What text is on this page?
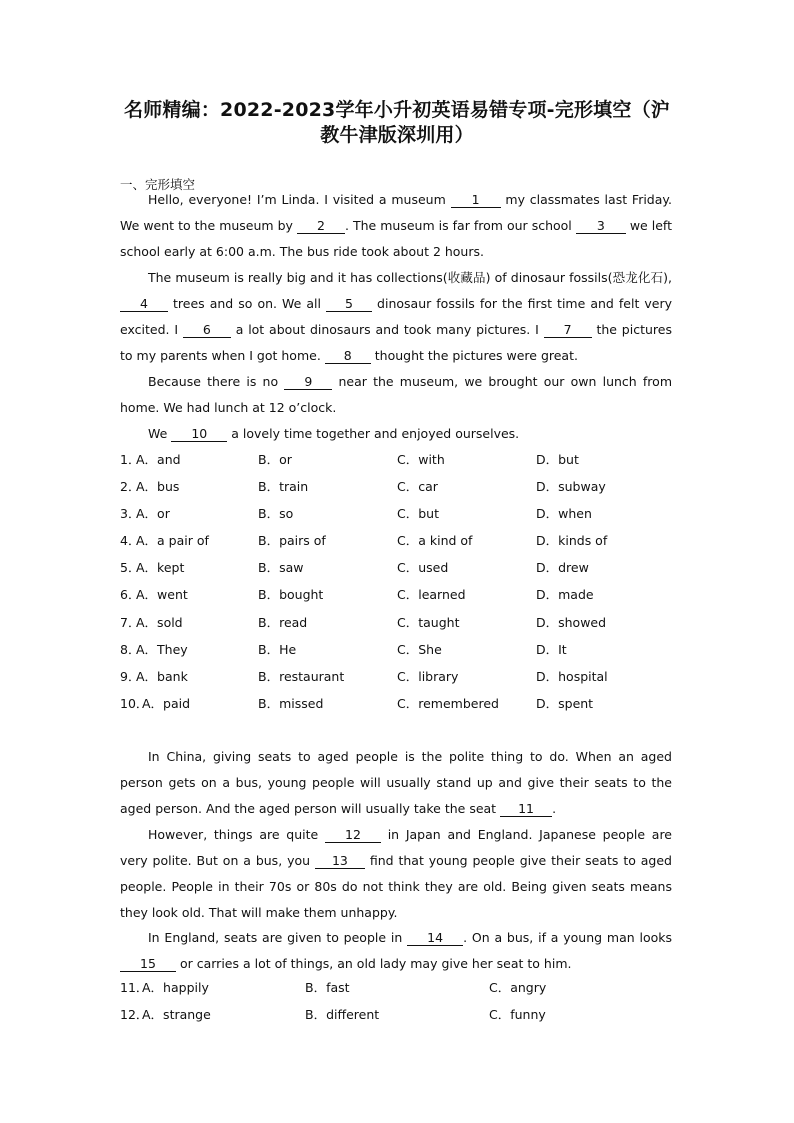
名师精编：2022-2023学年小升初英语易错专项-完形填空（沪
教牛津版深圳用）
一、完形填空
Hello, everyone! I’m Linda. I visited a museum 1 my classmates last Friday. We went to the museum by 2 . The museum is far from our school 3 we left school early at 6:00 a.m. The bus ride took about 2 hours.
The museum is really big and it has collections(收藏品) of dinosaur fossils(恐龙化石), 4 trees and so on. We all 5 dinosaur fossils for the first time and felt very excited. I 6 a lot about dinosaurs and took many pictures. I 7 the pictures to my parents when I got home. 8 thought the pictures were great.
Because there is no 9 near the museum, we brought our own lunch from home. We had lunch at 12 o’clock.
We 10 a lovely time together and enjoyed ourselves.
1．
A．and	B．or	C．with	D．but
2．
A．bus	B．train	C．car	D．subway
3．
A．or	B．so	C．but	D．when
4．
A．a pair of	B．pairs of	C．a kind of	D．kinds of
5．
A．kept	B．saw	C．used	D．drew
6．
A．went	B．bought	C．learned	D．made
7．
A．sold	B．read	C．taught	D．showed
8．
A．They	B．He	C．She	D．It
9．
A．bank	B．restaurant	C．library	D．hospital
10．
A．paid	B．missed	C．remembered	D．spent
In China, giving seats to aged people is the polite thing to do. When an aged person gets on a bus, young people will usually stand up and give their seats to the aged person. And the aged person will usually take the seat 11 .
However, things are quite 12 in Japan and England. Japanese people are very polite. But on a bus, you 13 find that young people give their seats to aged people. People in their 70s or 80s do not think they are old. Being given seats means they look old. That will make them unhappy.
In England, seats are given to people in 14 . On a bus, if a young man looks 15 or carries a lot of things, an old lady may give her seat to him.
11．
A．happily	B．fast	C．angry
12．
A．strange	B．different	C．funny
